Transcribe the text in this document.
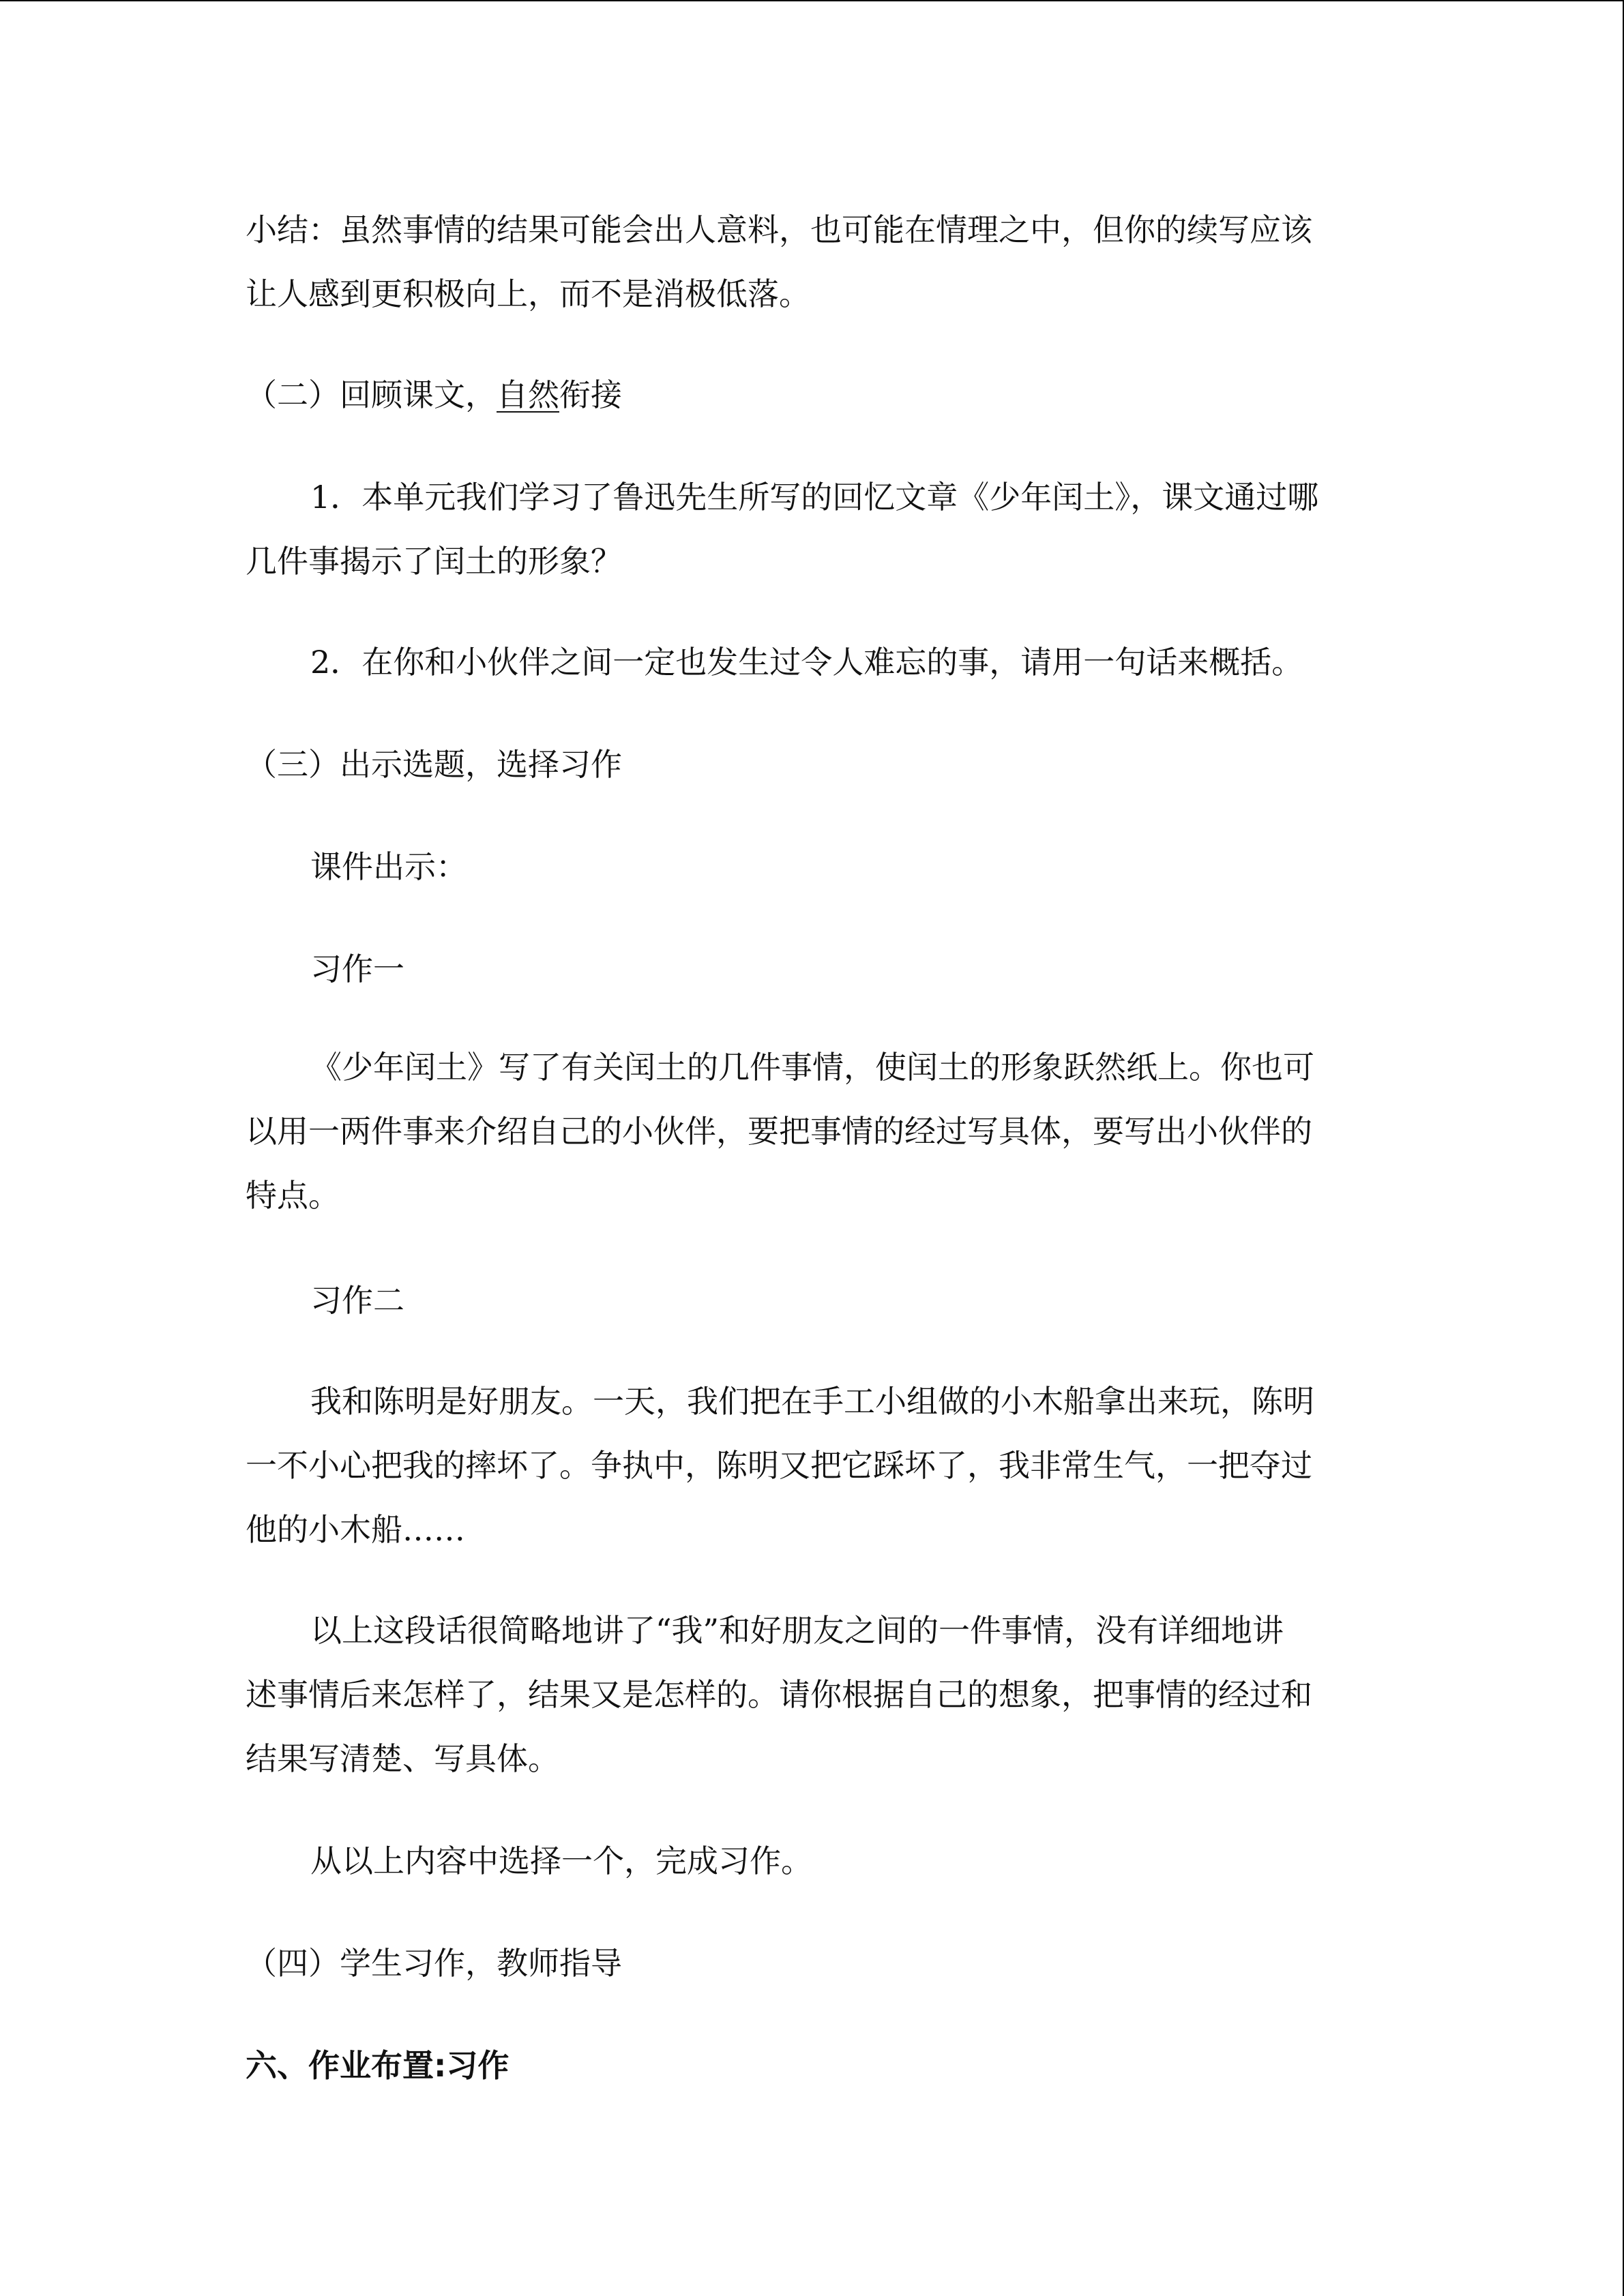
小结：虽然事情的结果可能会出人意料，也可能在情理之中，但你的续写应该
让人感到更积极向上，而不是消极低落。
（二）回顾课文，自然衔接
1．本单元我们学习了鲁迅先生所写的回忆文章《少年闰土》，课文通过哪
几件事揭示了闰土的形象？
2．在你和小伙伴之间一定也发生过令人难忘的事，请用一句话来概括。
（三）出示选题，选择习作
课件出示：
习作一
《少年闰土》写了有关闰土的几件事情，使闰土的形象跃然纸上。你也可
以用一两件事来介绍自己的小伙伴，要把事情的经过写具体，要写出小伙伴的
特点。
习作二
我和陈明是好朋友。一天，我们把在手工小组做的小木船拿出来玩，陈明
一不小心把我的摔坏了。争执中，陈明又把它踩坏了，我非常生气，一把夺过
他的小木船……
以上这段话很简略地讲了“我”和好朋友之间的一件事情，没有详细地讲
述事情后来怎样了，结果又是怎样的。请你根据自己的想象，把事情的经过和
结果写清楚、写具体。
从以上内容中选择一个，完成习作。
（四）学生习作，教师指导
六、作业布置:习作
